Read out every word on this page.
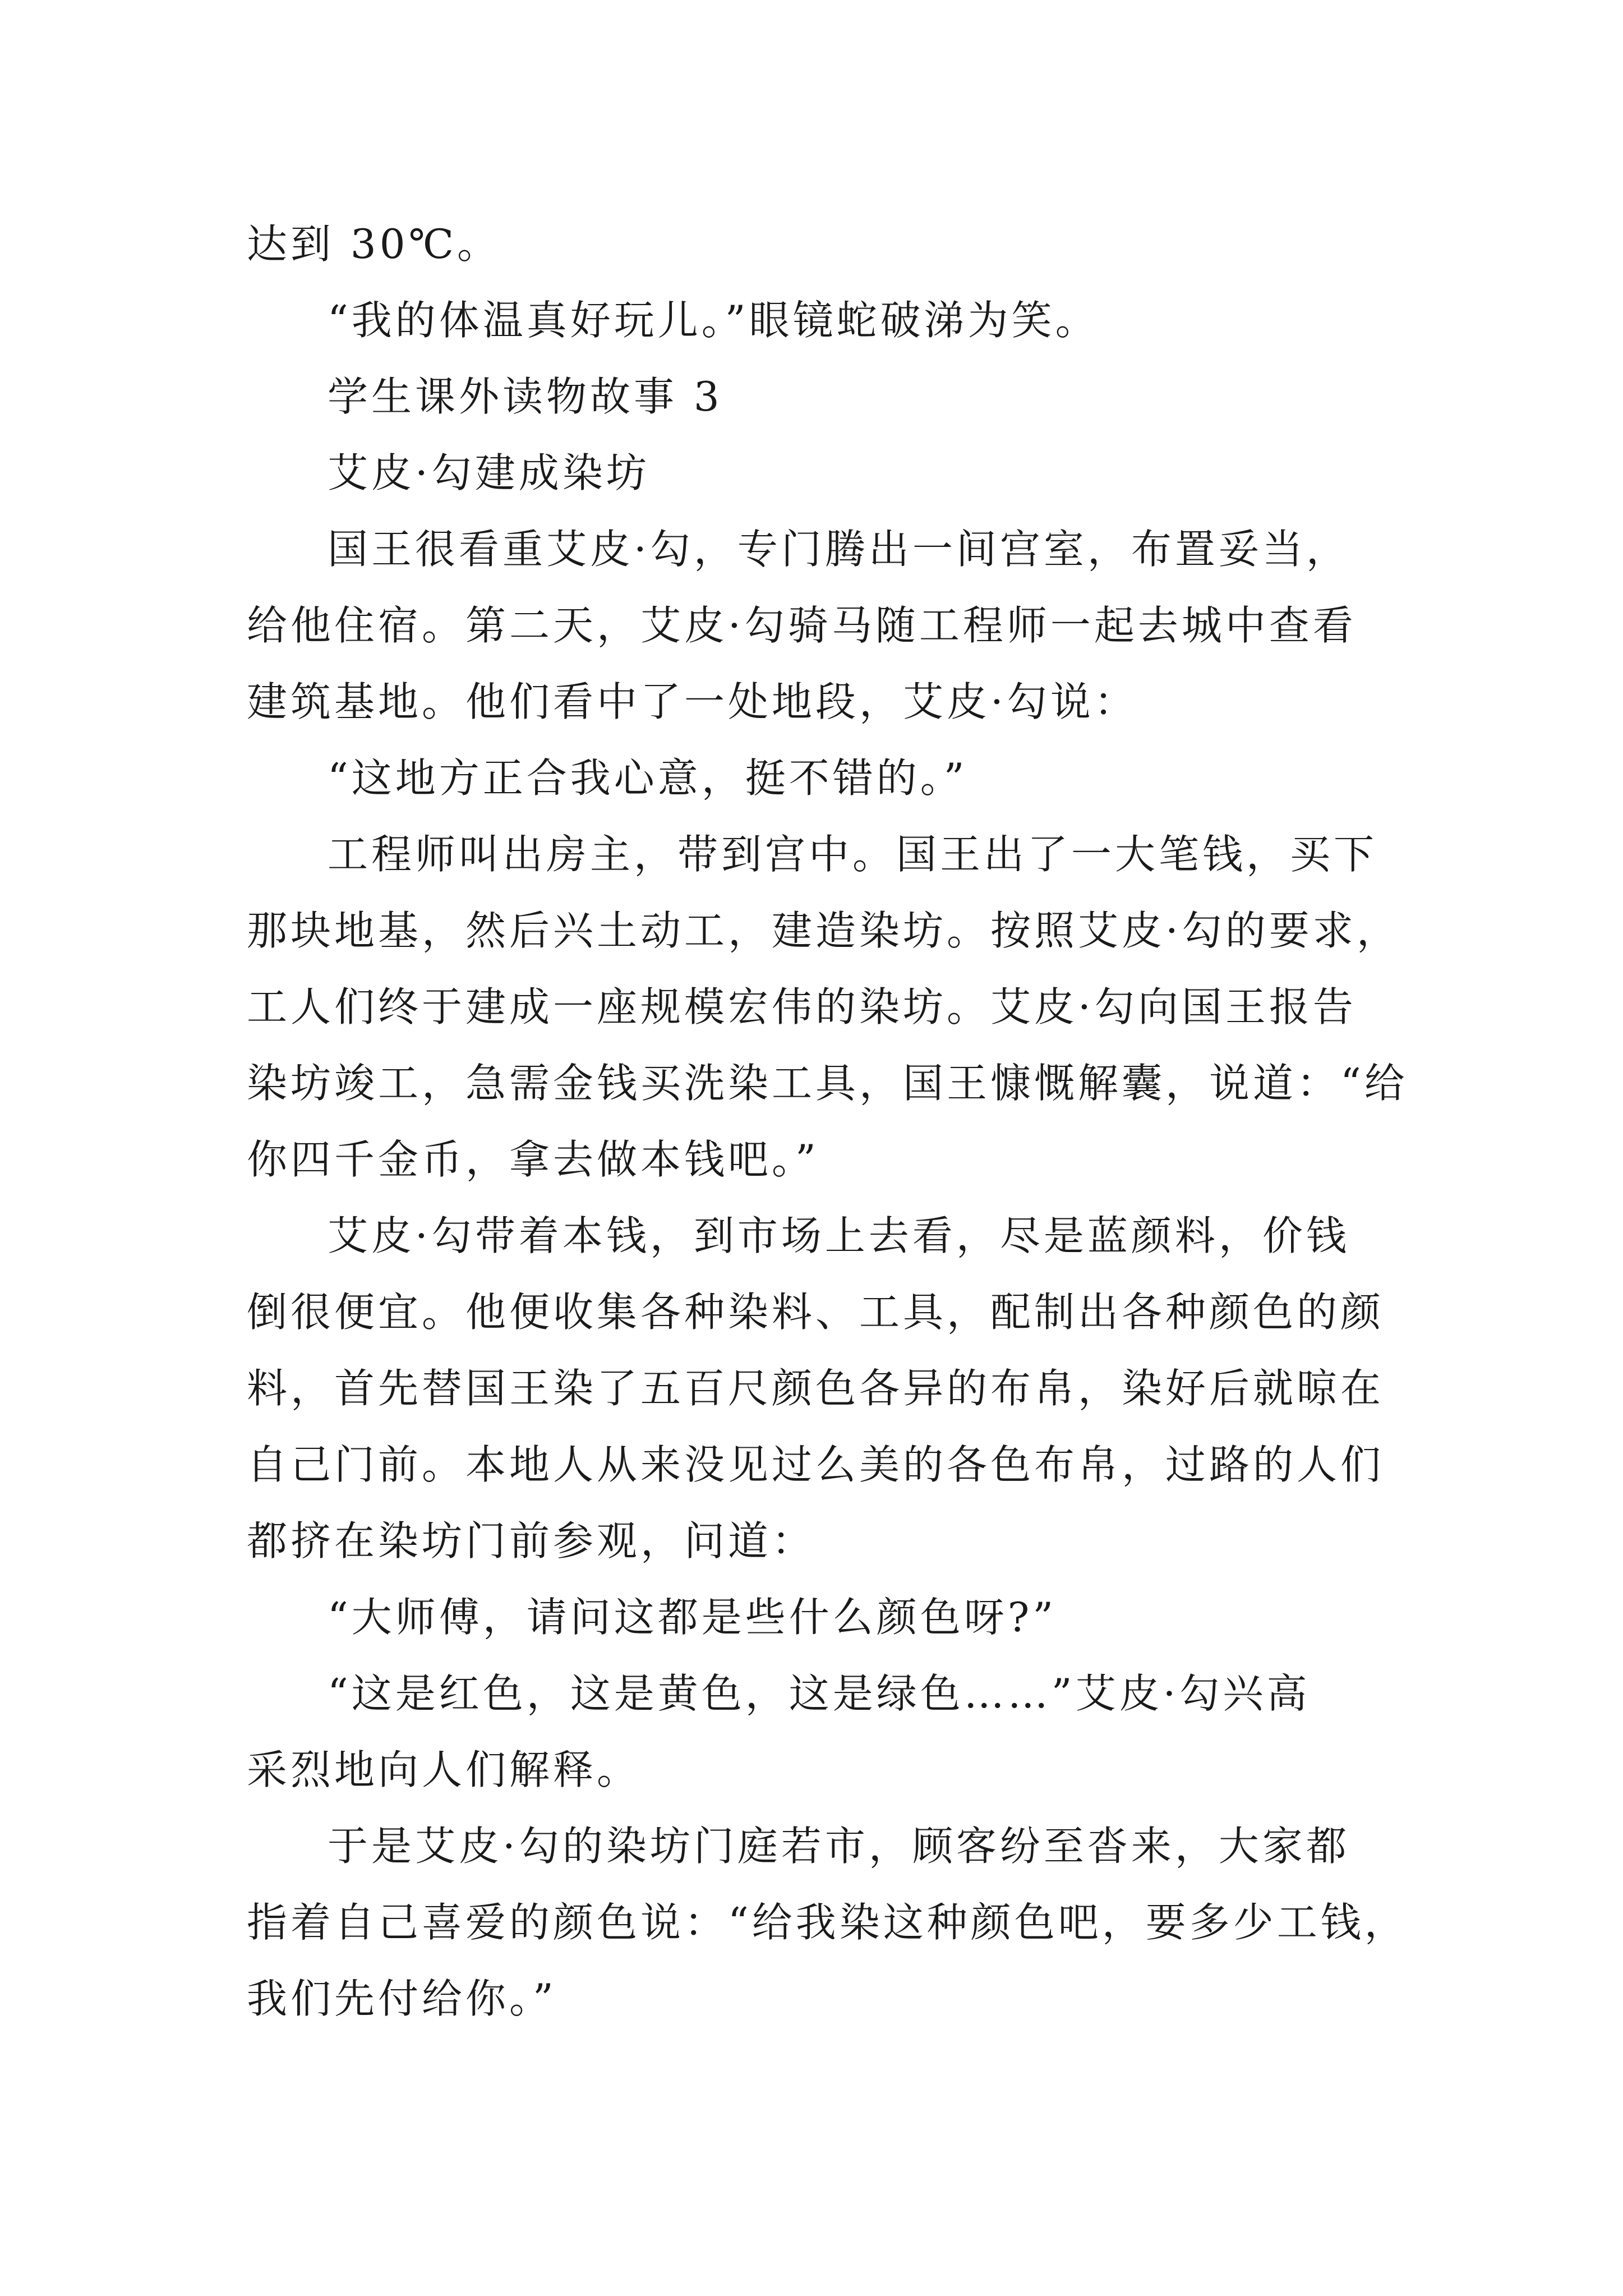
达到 30℃。
“我的体温真好玩儿。”眼镜蛇破涕为笑。
学生课外读物故事 3
艾皮·勾建成染坊
国王很看重艾皮·勾，专门腾出一间宫室，布置妥当，
给他住宿。第二天，艾皮·勾骑马随工程师一起去城中查看
建筑基地。他们看中了一处地段，艾皮·勾说：
“这地方正合我心意，挺不错的。”
工程师叫出房主，带到宫中。国王出了一大笔钱，买下
那块地基，然后兴土动工，建造染坊。按照艾皮·勾的要求，
工人们终于建成一座规模宏伟的染坊。艾皮·勾向国王报告
染坊竣工，急需金钱买洗染工具，国王慷慨解囊，说道：“给
你四千金币，拿去做本钱吧。”
艾皮·勾带着本钱，到市场上去看，尽是蓝颜料，价钱
倒很便宜。他便收集各种染料、工具，配制出各种颜色的颜
料，首先替国王染了五百尺颜色各异的布帛，染好后就晾在
自己门前。本地人从来没见过么美的各色布帛，过路的人们
都挤在染坊门前参观，问道：
“大师傅，请问这都是些什么颜色呀?”
“这是红色，这是黄色，这是绿色……”艾皮·勾兴高
采烈地向人们解释。
于是艾皮·勾的染坊门庭若市，顾客纷至沓来，大家都
指着自己喜爱的颜色说：“给我染这种颜色吧，要多少工钱，
我们先付给你。”
